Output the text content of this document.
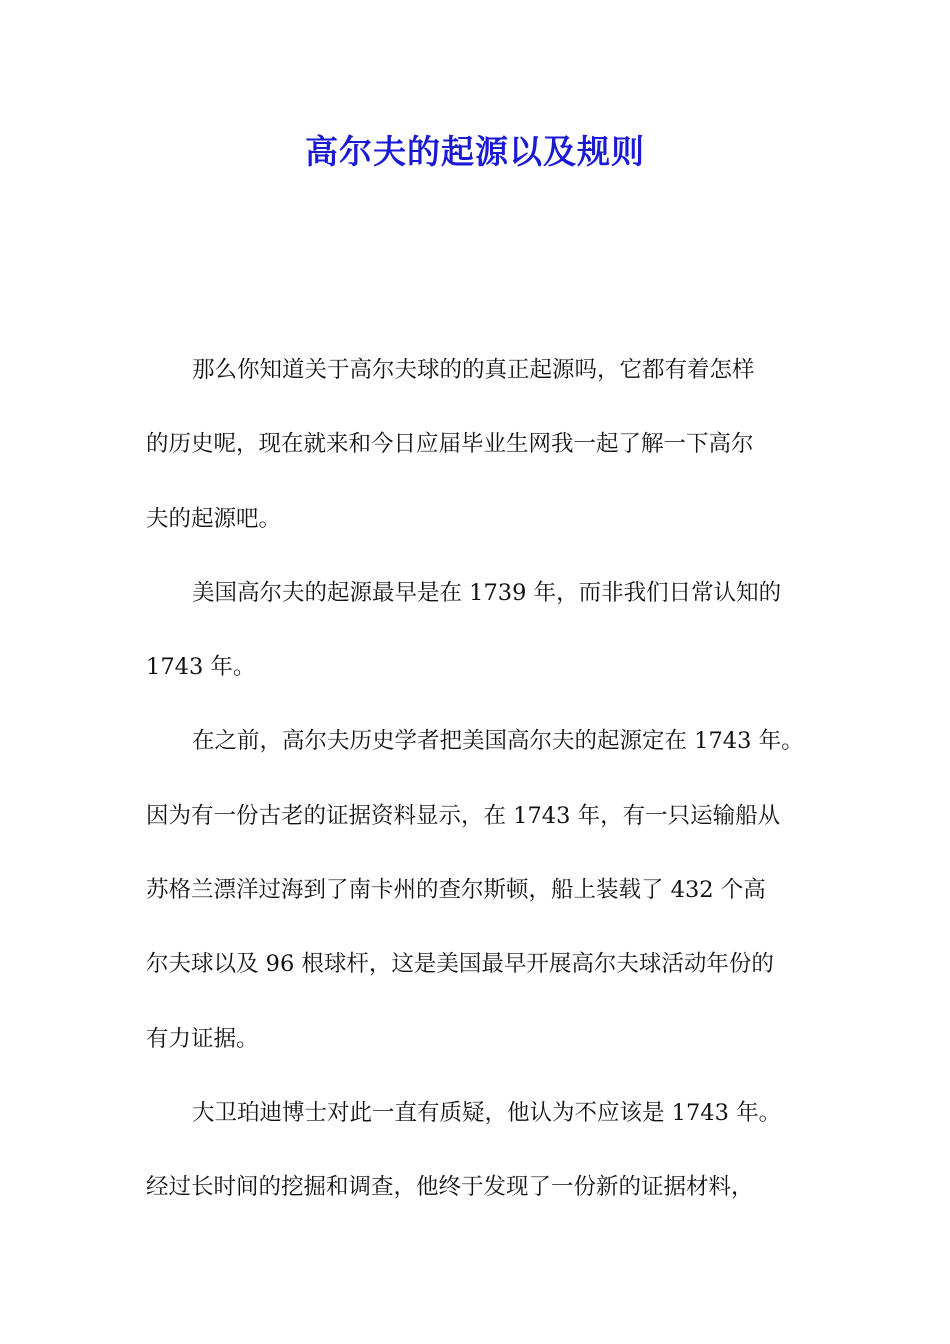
高尔夫的起源以及规则
那么你知道关于高尔夫球的的真正起源吗，它都有着怎样
的历史呢，现在就来和今日应届毕业生网我一起了解一下高尔
夫的起源吧。
美国高尔夫的起源最早是在 1739 年，而非我们日常认知的
1743 年。
在之前，高尔夫历史学者把美国高尔夫的起源定在 1743 年。
因为有一份古老的证据资料显示，在 1743 年，有一只运输船从
苏格兰漂洋过海到了南卡州的查尔斯顿，船上装载了 432 个高
尔夫球以及 96 根球杆，这是美国最早开展高尔夫球活动年份的
有力证据。
大卫珀迪博士对此一直有质疑，他认为不应该是 1743 年。
经过长时间的挖掘和调查，他终于发现了一份新的证据材料，
